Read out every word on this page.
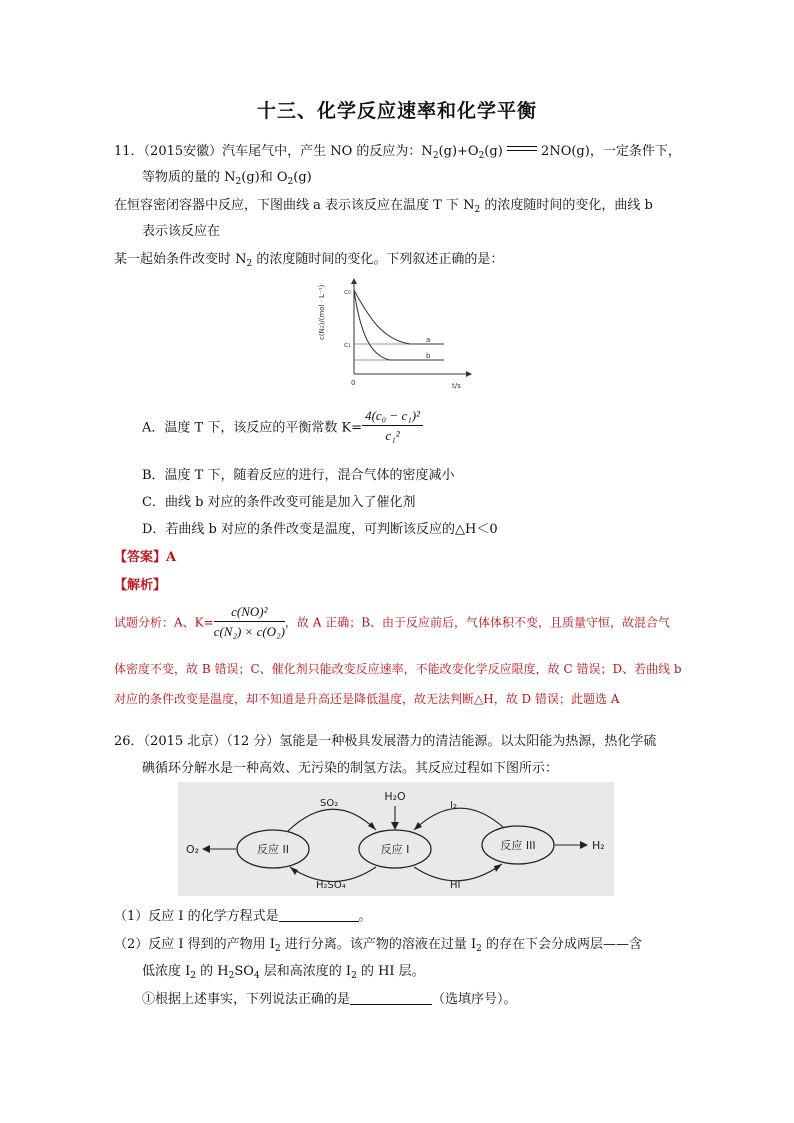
十三、化学反应速率和化学平衡
11．（2015安徽）汽车尾气中，产生 NO 的反应为：$N_2(g)+O_2(g)$	2NO(g)，一定条件下，
等物质的量的 $N_2(g)$和 $O_2(g)$
在恒容密闭容器中反应，下图曲线 a 表示该反应在温度 T 下 $N_2$ 的浓度随时间的变化，曲线 b
表示该反应在
某一起始条件改变时 $N_2$ 的浓度随时间的变化。下列叙述正确的是：
c(N₂)/(mol · L⁻¹)	c₀
c₁
a
b
0	t/s
A．温度 T 下，该反应的平衡常数 $K= \frac{\text{4(c₀ − c₁)²}}{\text{c₁²}}$
B．温度 T 下，随着反应的进行，混合气体的密度减小
C．曲线 b 对应的条件改变可能是加入了催化剂
D．若曲线 b 对应的条件改变是温度，可判断该反应的△H＜0
【答案】A
【解析】
试题分析：A、$K= \frac{\text{c(NO)²}}{\text{c(N₂) × c(O₂)}}$ ，故 A 正确；B、由于反应前后，气体体积不变，且质量守恒，故混合气
体密度不变，故 B 错误；C、催化剂只能改变反应速率，不能改变化学反应限度，故 C 错误；D、若曲线 b
对应的条件改变是温度，却不知道是升高还是降低温度，故无法判断△H，故 D 错误；此题选 A
26．（2015 北京）（12 分）氢能是一种极具发展潜力的清洁能源。以太阳能为热源，热化学硫
碘循环分解水是一种高效、无污染的制氢方法。其反应过程如下图所示：
O₂	反应 II	反应 I	反应 III	H₂
H₂O
SO₂
H₂SO₄
I₂
HI
（1）反应 I 的化学方程式是	。
（2）反应 I 得到的产物用 $I_2$ 进行分离。该产物的溶液在过量 $I_2$ 的存在下会分成两层——含
低浓度 $I_2$ 的 $H_2SO_4$ 层和高浓度的 $I_2$ 的 HI 层。
①根据上述事实，下列说法正确的是	（选填序号）。
